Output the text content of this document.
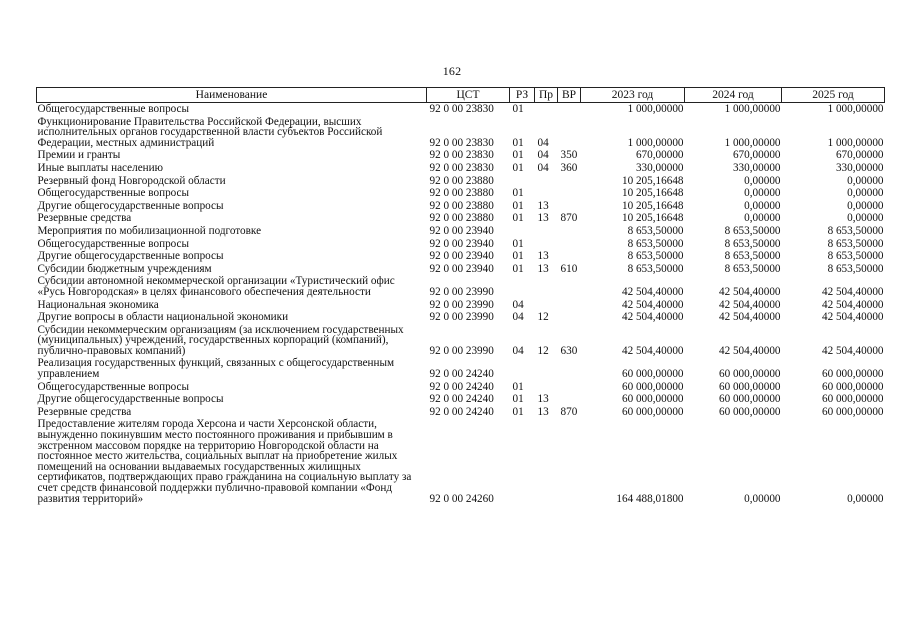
162
Наименование	ЦСТ	РЗ	Пр	ВР	2023 год	2024 год	2025 год
Общегосударственные вопросы	92 0 00 23830	01			1 000,00000	1 000,00000	1 000,00000
Функционирование Правительства Российской Федерации, высших исполнительных органов государственной власти субъектов Российской Федерации, местных администраций	92 0 00 23830	01	04		1 000,00000	1 000,00000	1 000,00000
Премии и гранты	92 0 00 23830	01	04	350	670,00000	670,00000	670,00000
Иные выплаты населению	92 0 00 23830	01	04	360	330,00000	330,00000	330,00000
Резервный фонд Новгородской области	92 0 00 23880				10 205,16648	0,00000	0,00000
Общегосударственные вопросы	92 0 00 23880	01			10 205,16648	0,00000	0,00000
Другие общегосударственные вопросы	92 0 00 23880	01	13		10 205,16648	0,00000	0,00000
Резервные средства	92 0 00 23880	01	13	870	10 205,16648	0,00000	0,00000
Мероприятия по мобилизационной подготовке	92 0 00 23940				8 653,50000	8 653,50000	8 653,50000
Общегосударственные вопросы	92 0 00 23940	01			8 653,50000	8 653,50000	8 653,50000
Другие общегосударственные вопросы	92 0 00 23940	01	13		8 653,50000	8 653,50000	8 653,50000
Субсидии бюджетным учреждениям	92 0 00 23940	01	13	610	8 653,50000	8 653,50000	8 653,50000
Субсидии автономной некоммерческой организации «Туристический офис «Русь Новгородская» в целях финансового обеспечения деятельности	92 0 00 23990				42 504,40000	42 504,40000	42 504,40000
Национальная экономика	92 0 00 23990	04			42 504,40000	42 504,40000	42 504,40000
Другие вопросы в области национальной экономики	92 0 00 23990	04	12		42 504,40000	42 504,40000	42 504,40000
Субсидии некоммерческим организациям (за исключением государственных (муниципальных) учреждений, государственных корпораций (компаний), публично-правовых компаний)	92 0 00 23990	04	12	630	42 504,40000	42 504,40000	42 504,40000
Реализация государственных функций, связанных с общегосударственным управлением	92 0 00 24240				60 000,00000	60 000,00000	60 000,00000
Общегосударственные вопросы	92 0 00 24240	01			60 000,00000	60 000,00000	60 000,00000
Другие общегосударственные вопросы	92 0 00 24240	01	13		60 000,00000	60 000,00000	60 000,00000
Резервные средства	92 0 00 24240	01	13	870	60 000,00000	60 000,00000	60 000,00000
Предоставление жителям города Херсона и части Херсонской области, вынужденно покинувшим место постоянного проживания и прибывшим в экстренном массовом порядке на территорию Новгородской области на постоянное место жительства, социальных выплат на приобретение жилых помещений на основании выдаваемых государственных жилищных сертификатов, подтверждающих право гражданина на социальную выплату за счет средств финансовой поддержки публично-правовой компании «Фонд развития территорий»	92 0 00 24260				164 488,01800	0,00000	0,00000
